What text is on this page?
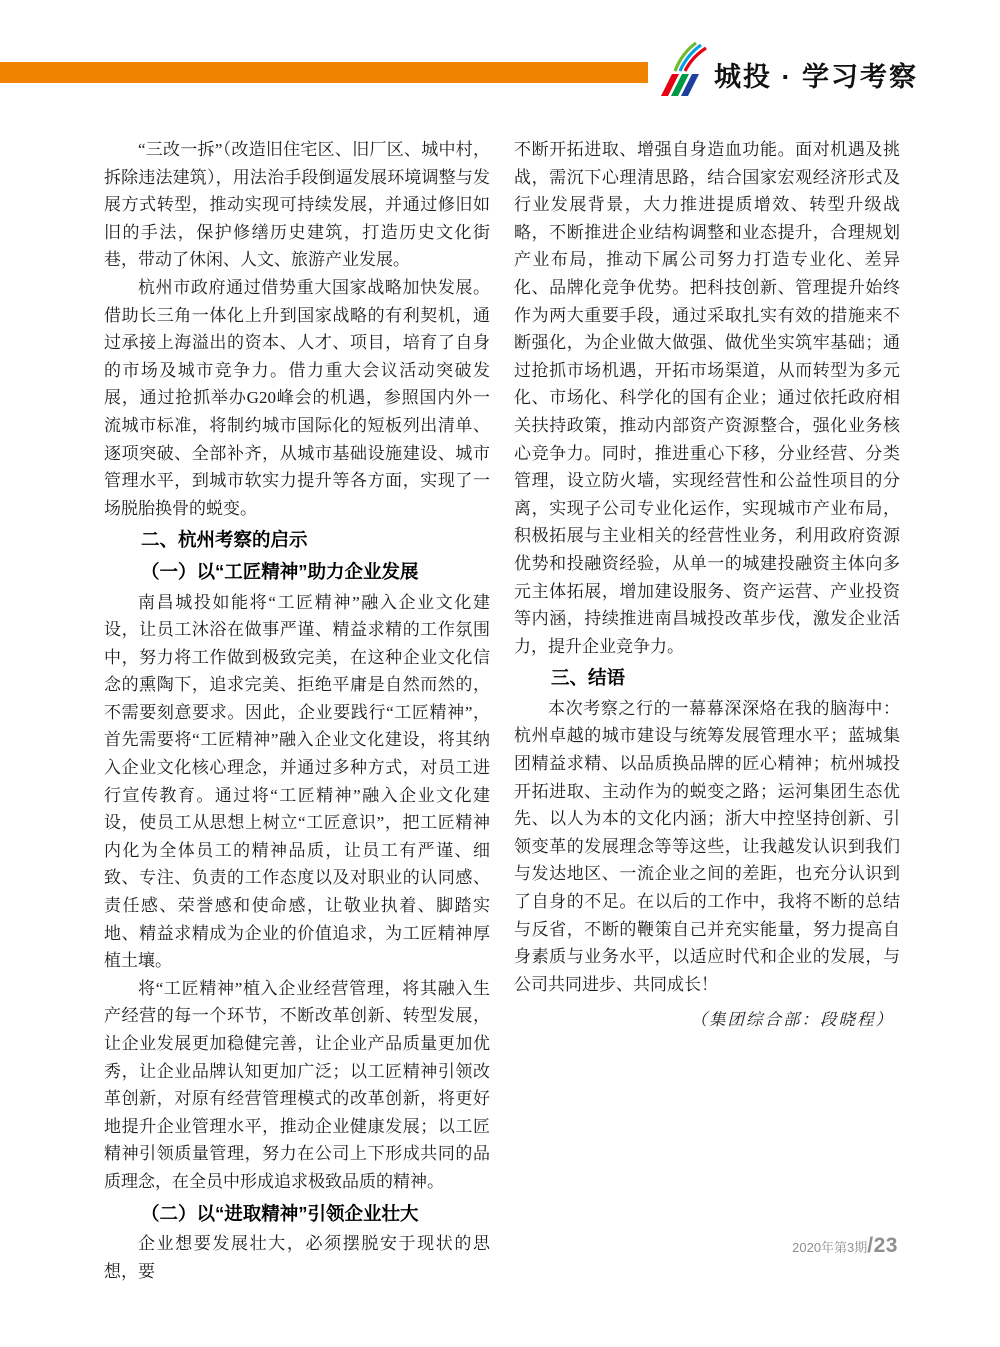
城投 · 学习考察

“三改一拆”（改造旧住宅区、旧厂区、城中村，拆除违法建筑），用法治手段倒逼发展环境调整与发展方式转型，推动实现可持续发展，并通过修旧如旧的手法，保护修缮历史建筑，打造历史文化街巷，带动了休闲、人文、旅游产业发展。

杭州市政府通过借势重大国家战略加快发展。借助长三角一体化上升到国家战略的有利契机，通过承接上海溢出的资本、人才、项目，培育了自身的市场及城市竞争力。借力重大会议活动突破发展，通过抢抓举办G20峰会的机遇，参照国内外一流城市标准，将制约城市国际化的短板列出清单、逐项突破、全部补齐，从城市基础设施建设、城市管理水平，到城市软实力提升等各方面，实现了一场脱胎换骨的蜕变。

二、杭州考察的启示
（一）以“工匠精神”助力企业发展

南昌城投如能将“工匠精神”融入企业文化建设，让员工沐浴在做事严谨、精益求精的工作氛围中，努力将工作做到极致完美，在这种企业文化信念的熏陶下，追求完美、拒绝平庸是自然而然的，不需要刻意要求。因此，企业要践行“工匠精神”，首先需要将“工匠精神”融入企业文化建设，将其纳入企业文化核心理念，并通过多种方式，对员工进行宣传教育。通过将“工匠精神”融入企业文化建设，使员工从思想上树立“工匠意识”，把工匠精神内化为全体员工的精神品质，让员工有严谨、细致、专注、负责的工作态度以及对职业的认同感、责任感、荣誉感和使命感，让敬业执着、脚踏实地、精益求精成为企业的价值追求，为工匠精神厚植土壤。

将“工匠精神”植入企业经营管理，将其融入生产经营的每一个环节，不断改革创新、转型发展，让企业发展更加稳健完善，让企业产品质量更加优秀，让企业品牌认知更加广泛；以工匠精神引领改革创新，对原有经营管理模式的改革创新，将更好地提升企业管理水平，推动企业健康发展；以工匠精神引领质量管理，努力在公司上下形成共同的品质理念，在全员中形成追求极致品质的精神。

（二）以“进取精神”引领企业壮大

企业想要发展壮大，必须摆脱安于现状的思想，要

不断开拓进取、增强自身造血功能。面对机遇及挑战，需沉下心理清思路，结合国家宏观经济形式及行业发展背景，大力推进提质增效、转型升级战略，不断推进企业结构调整和业态提升，合理规划产业布局，推动下属公司努力打造专业化、差异化、品牌化竞争优势。把科技创新、管理提升始终作为两大重要手段，通过采取扎实有效的措施来不断强化，为企业做大做强、做优坐实筑牢基础；通过抢抓市场机遇，开拓市场渠道，从而转型为多元化、市场化、科学化的国有企业；通过依托政府相关扶持政策，推动内部资产资源整合，强化业务核心竞争力。同时，推进重心下移，分业经营、分类管理，设立防火墙，实现经营性和公益性项目的分离，实现子公司专业化运作，实现城市产业布局，积极拓展与主业相关的经营性业务，利用政府资源优势和投融资经验，从单一的城建投融资主体向多元主体拓展，增加建设服务、资产运营、产业投资等内涵，持续推进南昌城投改革步伐，激发企业活力，提升企业竞争力。

三、结语

本次考察之行的一幕幕深深烙在我的脑海中：杭州卓越的城市建设与统筹发展管理水平；蓝城集团精益求精、以品质换品牌的匠心精神；杭州城投开拓进取、主动作为的蜕变之路；运河集团生态优先、以人为本的文化内涵；浙大中控坚持创新、引领变革的发展理念等等这些，让我越发认识到我们与发达地区、一流企业之间的差距，也充分认识到了自身的不足。在以后的工作中，我将不断的总结与反省，不断的鞭策自己并充实能量，努力提高自身素质与业务水平，以适应时代和企业的发展，与公司共同进步、共同成长！

（集团综合部：段晓程）

2020年第3期/23
